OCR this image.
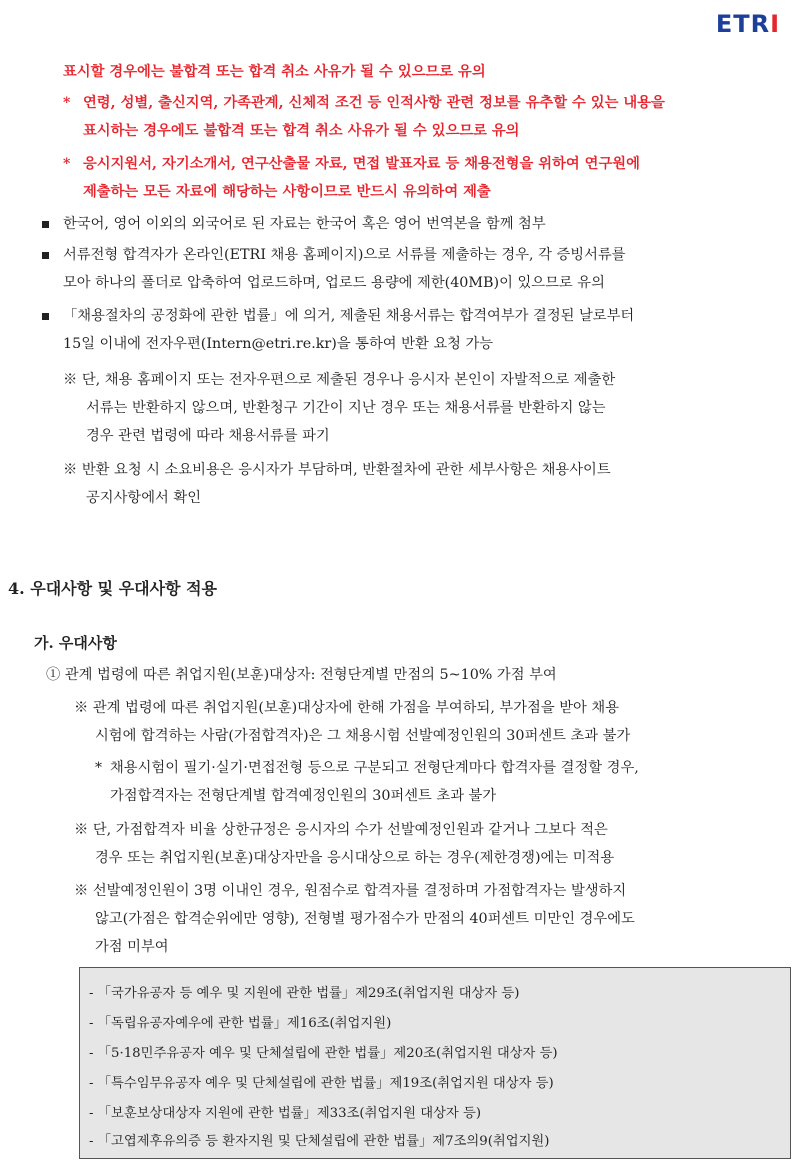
ETRI
표시할 경우에는 불합격 또는 합격 취소 사유가 될 수 있으므로 유의
* 연령, 성별, 출신지역, 가족관계, 신체적 조건 등 인적사항 관련 정보를 유추할 수 있는 내용을
표시하는 경우에도 불합격 또는 합격 취소 사유가 될 수 있으므로 유의
* 응시지원서, 자기소개서, 연구산출물 자료, 면접 발표자료 등 채용전형을 위하여 연구원에
제출하는 모든 자료에 해당하는 사항이므로 반드시 유의하여 제출
한국어, 영어 이외의 외국어로 된 자료는 한국어 혹은 영어 번역본을 함께 첨부
서류전형 합격자가 온라인(ETRI 채용 홈페이지)으로 서류를 제출하는 경우, 각 증빙서류를
모아 하나의 폴더로 압축하여 업로드하며, 업로드 용량에 제한(40MB)이 있으므로 유의
「채용절차의 공정화에 관한 법률」에 의거, 제출된 채용서류는 합격여부가 결정된 날로부터
15일 이내에 전자우편(Intern@etri.re.kr)을 통하여 반환 요청 가능
※ 단, 채용 홈페이지 또는 전자우편으로 제출된 경우나 응시자 본인이 자발적으로 제출한
서류는 반환하지 않으며, 반환청구 기간이 지난 경우 또는 채용서류를 반환하지 않는
경우 관련 법령에 따라 채용서류를 파기
※ 반환 요청 시 소요비용은 응시자가 부담하며, 반환절차에 관한 세부사항은 채용사이트
공지사항에서 확인
4. 우대사항 및 우대사항 적용
가. 우대사항
① 관계 법령에 따른 취업지원(보훈)대상자: 전형단계별 만점의 5~10% 가점 부여
※ 관계 법령에 따른 취업지원(보훈)대상자에 한해 가점을 부여하되, 부가점을 받아 채용
시험에 합격하는 사람(가점합격자)은 그 채용시험 선발예정인원의 30퍼센트 초과 불가
* 채용시험이 필기·실기·면접전형 등으로 구분되고 전형단계마다 합격자를 결정할 경우,
가점합격자는 전형단계별 합격예정인원의 30퍼센트 초과 불가
※ 단, 가점합격자 비율 상한규정은 응시자의 수가 선발예정인원과 같거나 그보다 적은
경우 또는 취업지원(보훈)대상자만을 응시대상으로 하는 경우(제한경쟁)에는 미적용
※ 선발예정인원이 3명 이내인 경우, 원점수로 합격자를 결정하며 가점합격자는 발생하지
않고(가점은 합격순위에만 영향), 전형별 평가점수가 만점의 40퍼센트 미만인 경우에도
가점 미부여
- 「국가유공자 등 예우 및 지원에 관한 법률」제29조(취업지원 대상자 등)
- 「독립유공자예우에 관한 법률」제16조(취업지원)
- 「5·18민주유공자 예우 및 단체설립에 관한 법률」제20조(취업지원 대상자 등)
- 「특수임무유공자 예우 및 단체설립에 관한 법률」제19조(취업지원 대상자 등)
- 「보훈보상대상자 지원에 관한 법률」제33조(취업지원 대상자 등)
- 「고엽제후유의증 등 환자지원 및 단체설립에 관한 법률」제7조의9(취업지원)
